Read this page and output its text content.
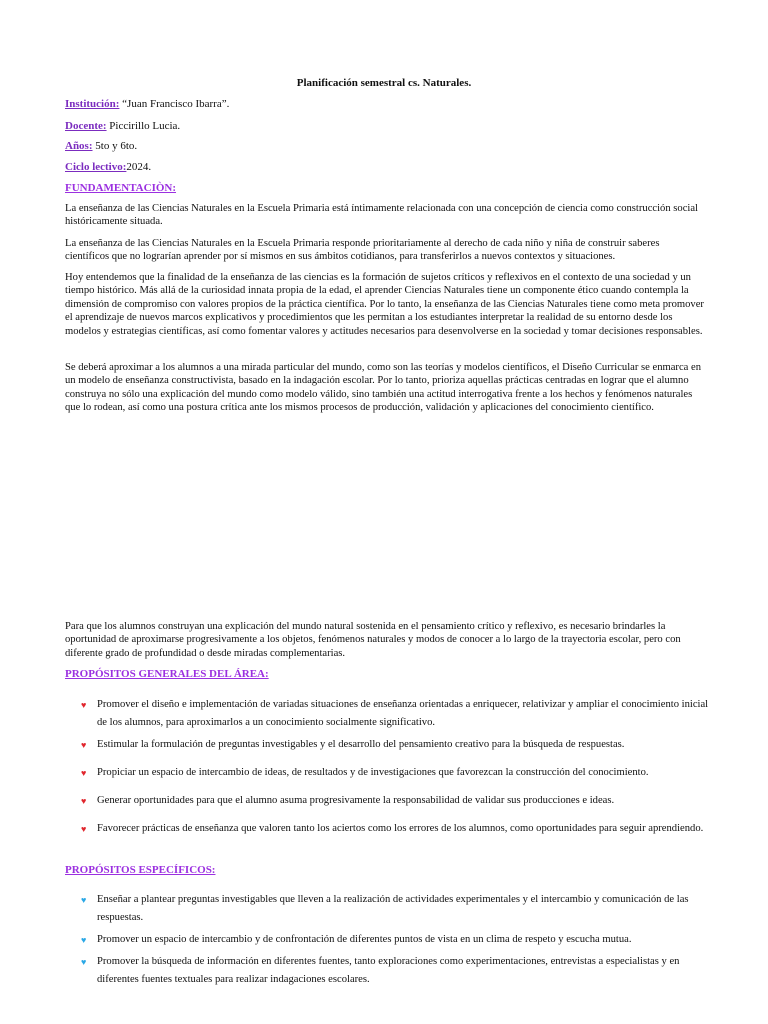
Planificación semestral cs. Naturales.
Institución: “Juan Francisco Ibarra”.
Docente: Piccirillo Lucia.
Años: 5to y 6to.
Ciclo lectivo:2024.
FUNDAMENTACIÒN:

La enseñanza de las Ciencias Naturales en la Escuela Primaria está íntimamente relacionada con una concepción de ciencia como construcción social históricamente situada.

La enseñanza de las Ciencias Naturales en la Escuela Primaria responde prioritariamente al derecho de cada niño y niña de construir saberes científicos que no lograrían aprender por sí mismos en sus ámbitos cotidianos, para transferirlos a nuevos contextos y situaciones.

Hoy entendemos que la finalidad de la enseñanza de las ciencias es la formación de sujetos críticos y reflexivos en el contexto de una sociedad y un tiempo histórico. Más allá de la curiosidad innata propia de la edad, el aprender Ciencias Naturales tiene un componente ético cuando contempla la dimensión de compromiso con valores propios de la práctica científica. Por lo tanto, la enseñanza de las Ciencias Naturales tiene como meta promover el aprendizaje de nuevos marcos explicativos y procedimientos que les permitan a los estudiantes interpretar la realidad de su entorno desde los modelos y estrategias científicas, así como fomentar valores y actitudes necesarios para desenvolverse en la sociedad y tomar decisiones responsables.

Se deberá aproximar a los alumnos a una mirada particular del mundo, como son las teorías y modelos científicos, el Diseño Curricular se enmarca en un modelo de enseñanza constructivista, basado en la indagación escolar. Por lo tanto, prioriza aquellas prácticas centradas en lograr que el alumno construya no sólo una explicación del mundo como modelo válido, sino también una actitud interrogativa frente a los hechos y fenómenos naturales que lo rodean, así como una postura crítica ante los mismos procesos de producción, validación y aplicaciones del conocimiento científico.

Para que los alumnos construyan una explicación del mundo natural sostenida en el pensamiento crítico y reflexivo, es necesario brindarles la oportunidad de aproximarse progresivamente a los objetos, fenómenos naturales y modos de conocer a lo largo de la trayectoria escolar, pero con diferente grado de profundidad o desde miradas complementarias.

PROPÓSITOS GENERALES DEL ÁREA:
♥ Promover el diseño e implementación de variadas situaciones de enseñanza orientadas a enriquecer, relativizar y ampliar el conocimiento inicial de los alumnos, para aproximarlos a un conocimiento socialmente significativo.
♥ Estimular la formulación de preguntas investigables y el desarrollo del pensamiento creativo para la búsqueda de respuestas.
♥ Propiciar un espacio de intercambio de ideas, de resultados y de investigaciones que favorezcan la construcción del conocimiento.
♥ Generar oportunidades para que el alumno asuma progresivamente la responsabilidad de validar sus producciones e ideas.
♥ Favorecer prácticas de enseñanza que valoren tanto los aciertos como los errores de los alumnos, como oportunidades para seguir aprendiendo.
PROPÓSITOS ESPECÍFICOS:
♥ Enseñar a plantear preguntas investigables que lleven a la realización de actividades experimentales y el intercambio y comunicación de las respuestas.
♥ Promover un espacio de intercambio y de confrontación de diferentes puntos de vista en un clima de respeto y escucha mutua.
♥ Promover la búsqueda de información en diferentes fuentes, tanto exploraciones como experimentaciones, entrevistas a especialistas y en diferentes fuentes textuales para realizar indagaciones escolares.
